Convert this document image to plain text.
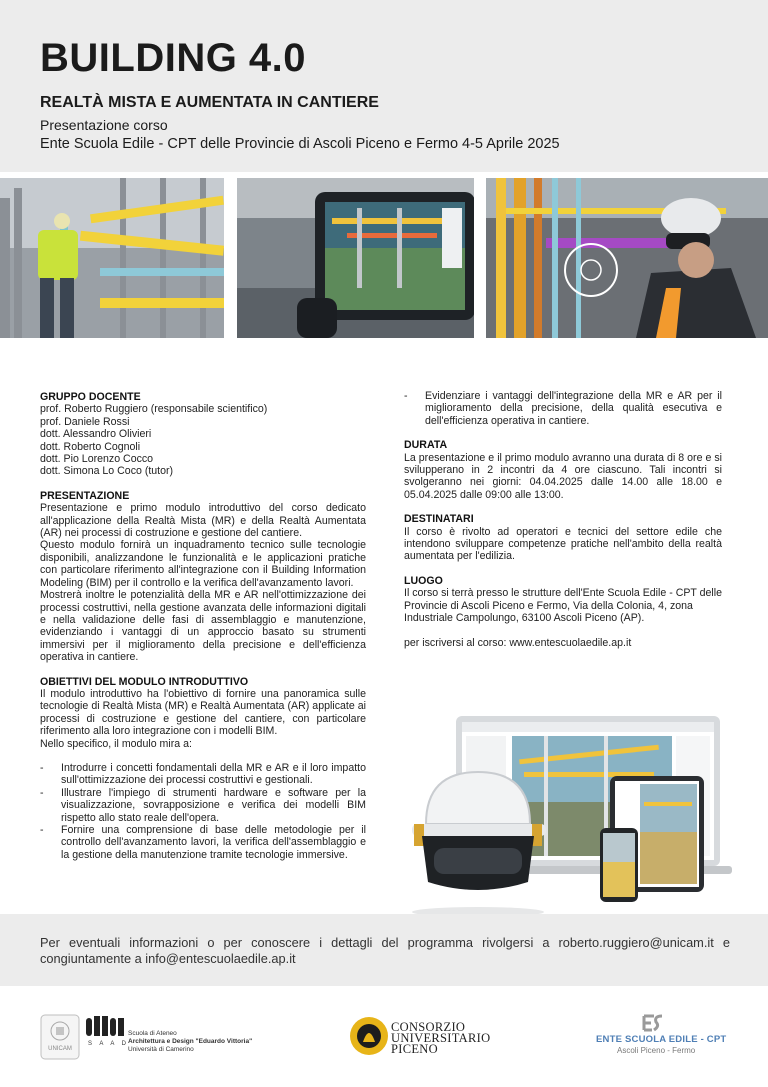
BUILDING 4.0
REALTÀ MISTA E AUMENTATA IN CANTIERE
Presentazione corso
Ente Scuola Edile - CPT delle Provincie di Ascoli Piceno e Fermo 4-5 Aprile 2025
GRUPPO DOCENTE
prof. Roberto Ruggiero (responsabile scientifico)
prof. Daniele Rossi
dott. Alessandro Olivieri
dott. Roberto Cognoli
dott. Pio Lorenzo Cocco
dott. Simona Lo Coco (tutor)
PRESENTAZIONE
Presentazione e primo modulo introduttivo del corso dedicato all'applicazione della Realtà Mista (MR) e della Realtà Aumentata (AR) nei processi di costruzione e gestione del cantiere.
Questo modulo fornirà un inquadramento tecnico sulle tecnologie disponibili, analizzandone le funzionalità e le applicazioni pratiche con particolare riferimento all'integrazione con il Building Information Modeling (BIM) per il controllo e la verifica dell'avanzamento lavori.
Mostrerà inoltre le potenzialità della MR e AR nell'ottimizzazione dei processi costruttivi, nella gestione avanzata delle informazioni digitali e nella validazione delle fasi di assemblaggio e manutenzione, evidenziando i vantaggi di un approccio basato su strumenti immersivi per il miglioramento della precisione e dell'efficienza operativa in cantiere.
OBIETTIVI DEL MODULO INTRODUTTIVO
Il modulo introduttivo ha l'obiettivo di fornire una panoramica sulle tecnologie di Realtà Mista (MR) e Realtà Aumentata (AR) applicate ai processi di costruzione e gestione del cantiere, con particolare riferimento alla loro integrazione con i modelli BIM.
Nello specifico, il modulo mira a:
- Introdurre i concetti fondamentali della MR e AR e il loro impatto sull'ottimizzazione dei processi costruttivi e gestionali.
- Illustrare l'impiego di strumenti hardware e software per la visualizzazione, sovrapposizione e verifica dei modelli BIM rispetto allo stato reale dell'opera.
- Fornire una comprensione di base delle metodologie per il controllo dell'avanzamento lavori, la verifica dell'assemblaggio e la gestione della manutenzione tramite tecnologie immersive.
- Evidenziare i vantaggi dell'integrazione della MR e AR per il miglioramento della precisione, della qualità esecutiva e dell'efficienza operativa in cantiere.
DURATA
La presentazione e il primo modulo avranno una durata di 8 ore e si svilupperano in 2 incontri da 4 ore ciascuno. Tali incontri si svolgeranno nei giorni: 04.04.2025 dalle 14.00 alle 18.00 e 05.04.2025 dalle 09:00 alle 13:00.
DESTINATARI
Il corso è rivolto ad operatori e tecnici del settore edile che intendono sviluppare competenze pratiche nell'ambito della realtà aumentata per l'edilizia.
LUOGO
Il corso si terrà presso le strutture dell'Ente Scuola Edile - CPT delle Provincie di Ascoli Piceno e Fermo, Via della Colonia, 4, zona Industriale Campolungo, 63100 Ascoli Piceno (AP).
per iscriversi al corso: www.entescuolaedile.ap.it
Per eventuali informazioni o per conoscere i dettagli del programma rivolgersi a roberto.ruggiero@unicam.it e congiuntamente a info@entescuolaedile.ap.it
UNICAM
S A A D
Scuola di Ateneo
Architettura e Design "Eduardo Vittoria"
Università di Camerino
CONSORZIO
UNIVERSITARIO
PICENO
ENTE SCUOLA EDILE - CPT
Ascoli Piceno - Fermo
